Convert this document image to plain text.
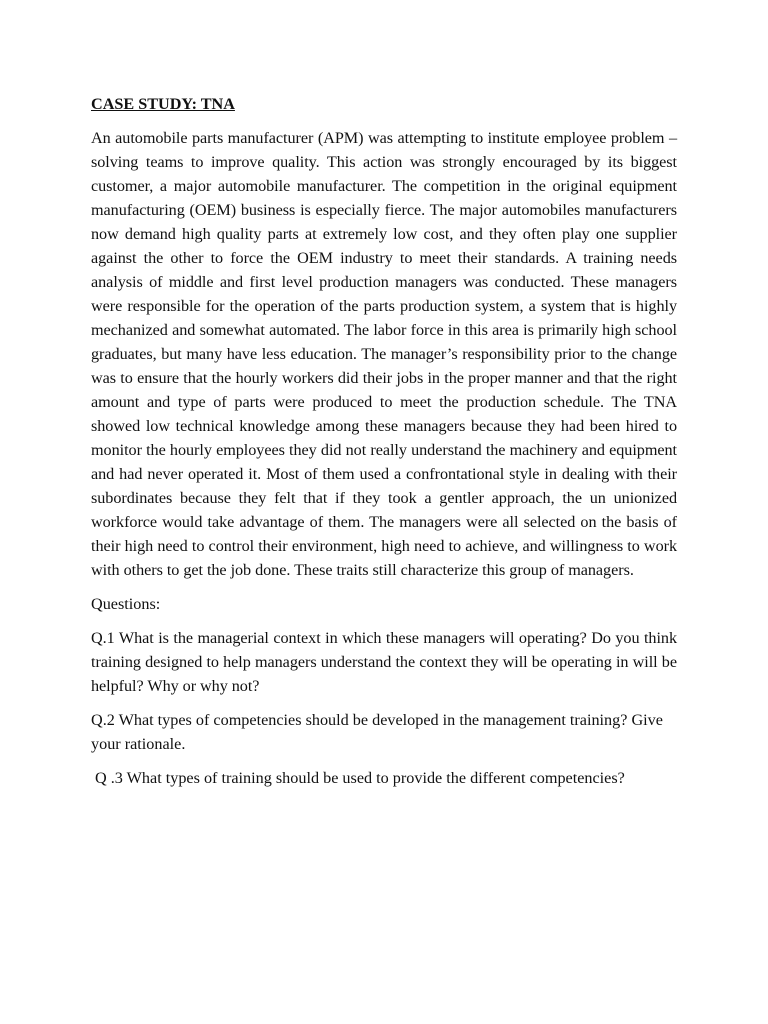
CASE STUDY: TNA

An automobile parts manufacturer (APM) was attempting to institute employee problem – solving teams to improve quality. This action was strongly encouraged by its biggest customer, a major automobile manufacturer. The competition in the original equipment manufacturing (OEM) business is especially fierce. The major automobiles manufacturers now demand high quality parts at extremely low cost, and they often play one supplier against the other to force the OEM industry to meet their standards. A training needs analysis of middle and first level production managers was conducted. These managers were responsible for the operation of the parts production system, a system that is highly mechanized and somewhat automated. The labor force in this area is primarily high school graduates, but many have less education. The manager’s responsibility prior to the change was to ensure that the hourly workers did their jobs in the proper manner and that the right amount and type of parts were produced to meet the production schedule. The TNA showed low technical knowledge among these managers because they had been hired to monitor the hourly employees they did not really understand the machinery and equipment and had never operated it. Most of them used a confrontational style in dealing with their subordinates because they felt that if they took a gentler approach, the un unionized workforce would take advantage of them. The managers were all selected on the basis of their high need to control their environment, high need to achieve, and willingness to work with others to get the job done. These traits still characterize this group of managers.

Questions:

Q.1 What is the managerial context in which these managers will operating? Do you think training designed to help managers understand the context they will be operating in will be helpful? Why or why not?

Q.2 What types of competencies should be developed in the management training? Give your rationale.

Q .3 What types of training should be used to provide the different competencies?
